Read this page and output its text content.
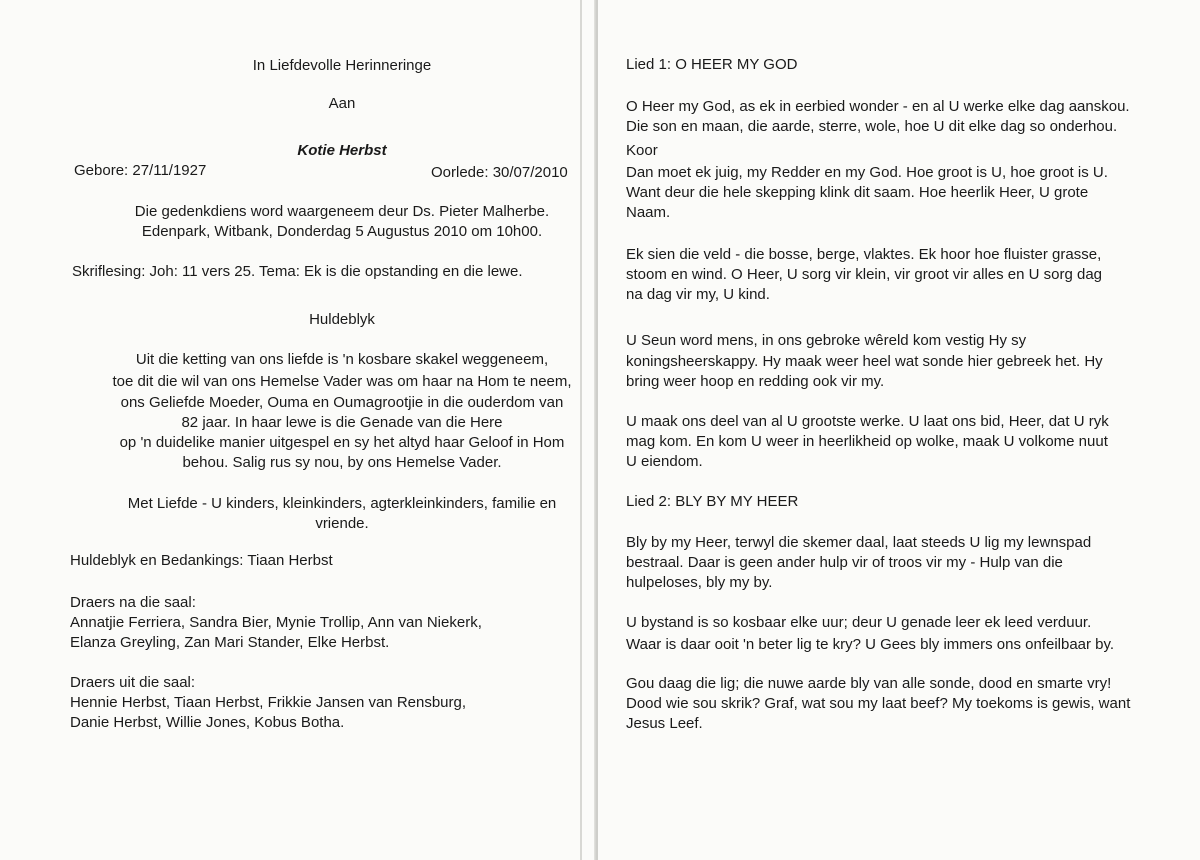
In Liefdevolle Herinneringe
Aan
Kotie Herbst
Gebore: 27/11/1927	Oorlede: 30/07/2010
Die gedenkdiens word waargeneem deur Ds. Pieter Malherbe.
Edenpark, Witbank, Donderdag 5 Augustus 2010 om 10h00.
Skriflesing: Joh: 11 vers 25. Tema: Ek is die opstanding en die lewe.
Huldeblyk
Uit die ketting van ons liefde is 'n kosbare skakel weggeneem,
toe dit die wil van ons Hemelse Vader was om haar na Hom te neem,
ons Geliefde Moeder, Ouma en Oumagrootjie in die ouderdom van
82 jaar. In haar lewe is die Genade van die Here
op 'n duidelike manier uitgespel en sy het altyd haar Geloof in Hom
behou. Salig rus sy nou, by ons Hemelse Vader.
Met Liefde - U kinders, kleinkinders, agterkleinkinders, familie en
vriende.
Huldeblyk en Bedankings: Tiaan Herbst
Draers na die saal:
Annatjie Ferriera, Sandra Bier, Mynie Trollip, Ann van Niekerk,
Elanza Greyling, Zan Mari Stander, Elke Herbst.
Draers uit die saal:
Hennie Herbst, Tiaan Herbst, Frikkie Jansen van Rensburg,
Danie Herbst, Willie Jones, Kobus Botha.
Lied 1: O HEER MY GOD
O Heer my God, as ek in eerbied wonder - en al U werke elke dag aanskou.
Die son en maan, die aarde, sterre, wole, hoe U dit elke dag so onderhou.
Koor
Dan moet ek juig, my Redder en my God. Hoe groot is U, hoe groot is U.
Want deur die hele skepping klink dit saam. Hoe heerlik Heer, U grote
Naam.
Ek sien die veld - die bosse, berge, vlaktes. Ek hoor hoe fluister grasse,
stoom en wind. O Heer, U sorg vir klein, vir groot vir alles en U sorg dag
na dag vir my, U kind.
U Seun word mens, in ons gebroke wêreld kom vestig Hy sy
koningsheerskappy. Hy maak weer heel wat sonde hier gebreek het. Hy
bring weer hoop en redding ook vir my.
U maak ons deel van al U grootste werke. U laat ons bid, Heer, dat U ryk
mag kom. En kom U weer in heerlikheid op wolke, maak U volkome nuut
U eiendom.
Lied 2: BLY BY MY HEER
Bly by my Heer, terwyl die skemer daal, laat steeds U lig my lewnspad
bestraal. Daar is geen ander hulp vir of troos vir my - Hulp van die
hulpeloses, bly my by.
U bystand is so kosbaar elke uur; deur U genade leer ek leed verduur.
Waar is daar ooit 'n beter lig te kry? U Gees bly immers ons onfeilbaar by.
Gou daag die lig; die nuwe aarde bly van alle sonde, dood en smarte vry!
Dood wie sou skrik? Graf, wat sou my laat beef? My toekoms is gewis, want
Jesus Leef.
